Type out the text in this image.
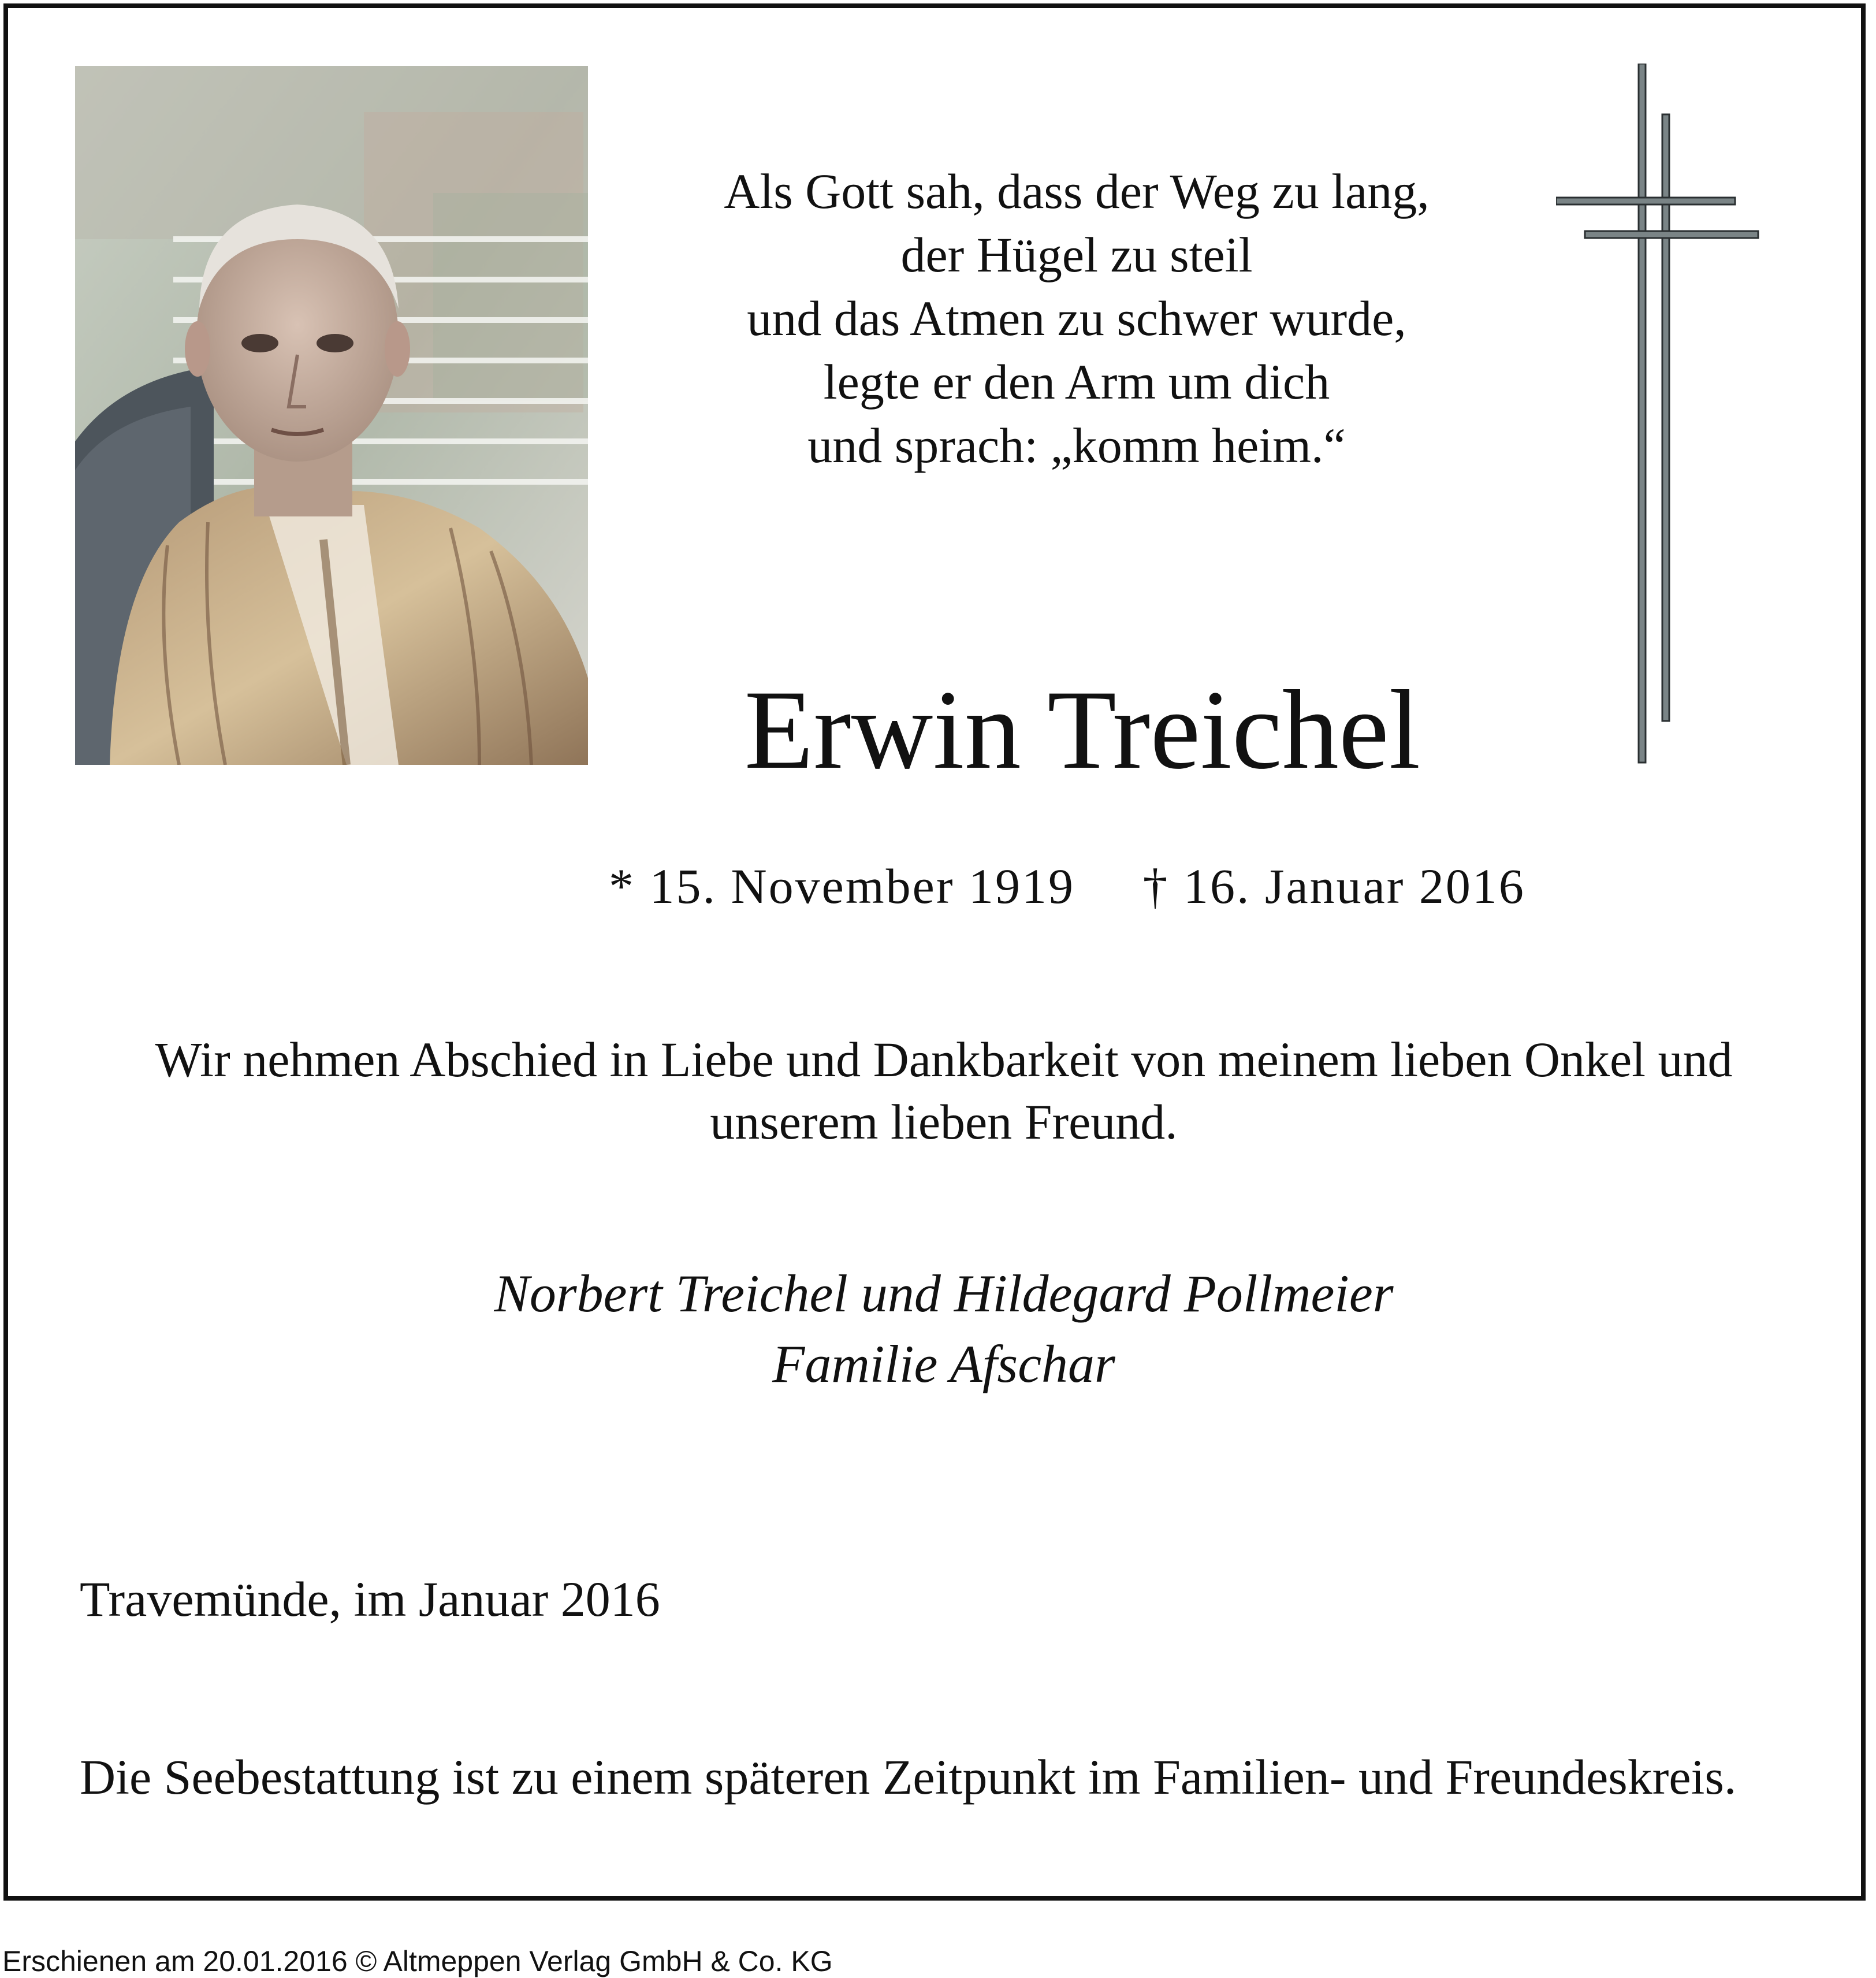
Als Gott sah, dass der Weg zu lang,
der Hügel zu steil
und das Atmen zu schwer wurde,
legte er den Arm um dich
und sprach: „komm heim.“
Erwin Treichel
* 15. November 1919 † 16. Januar 2016
Wir nehmen Abschied in Liebe und Dankbarkeit von meinem lieben Onkel und
unserem lieben Freund.
Norbert Treichel und Hildegard Pollmeier
Familie Afschar
Travemünde, im Januar 2016
Die Seebestattung ist zu einem späteren Zeitpunkt im Familien- und Freundeskreis.
Erschienen am 20.01.2016 © Altmeppen Verlag GmbH & Co. KG
